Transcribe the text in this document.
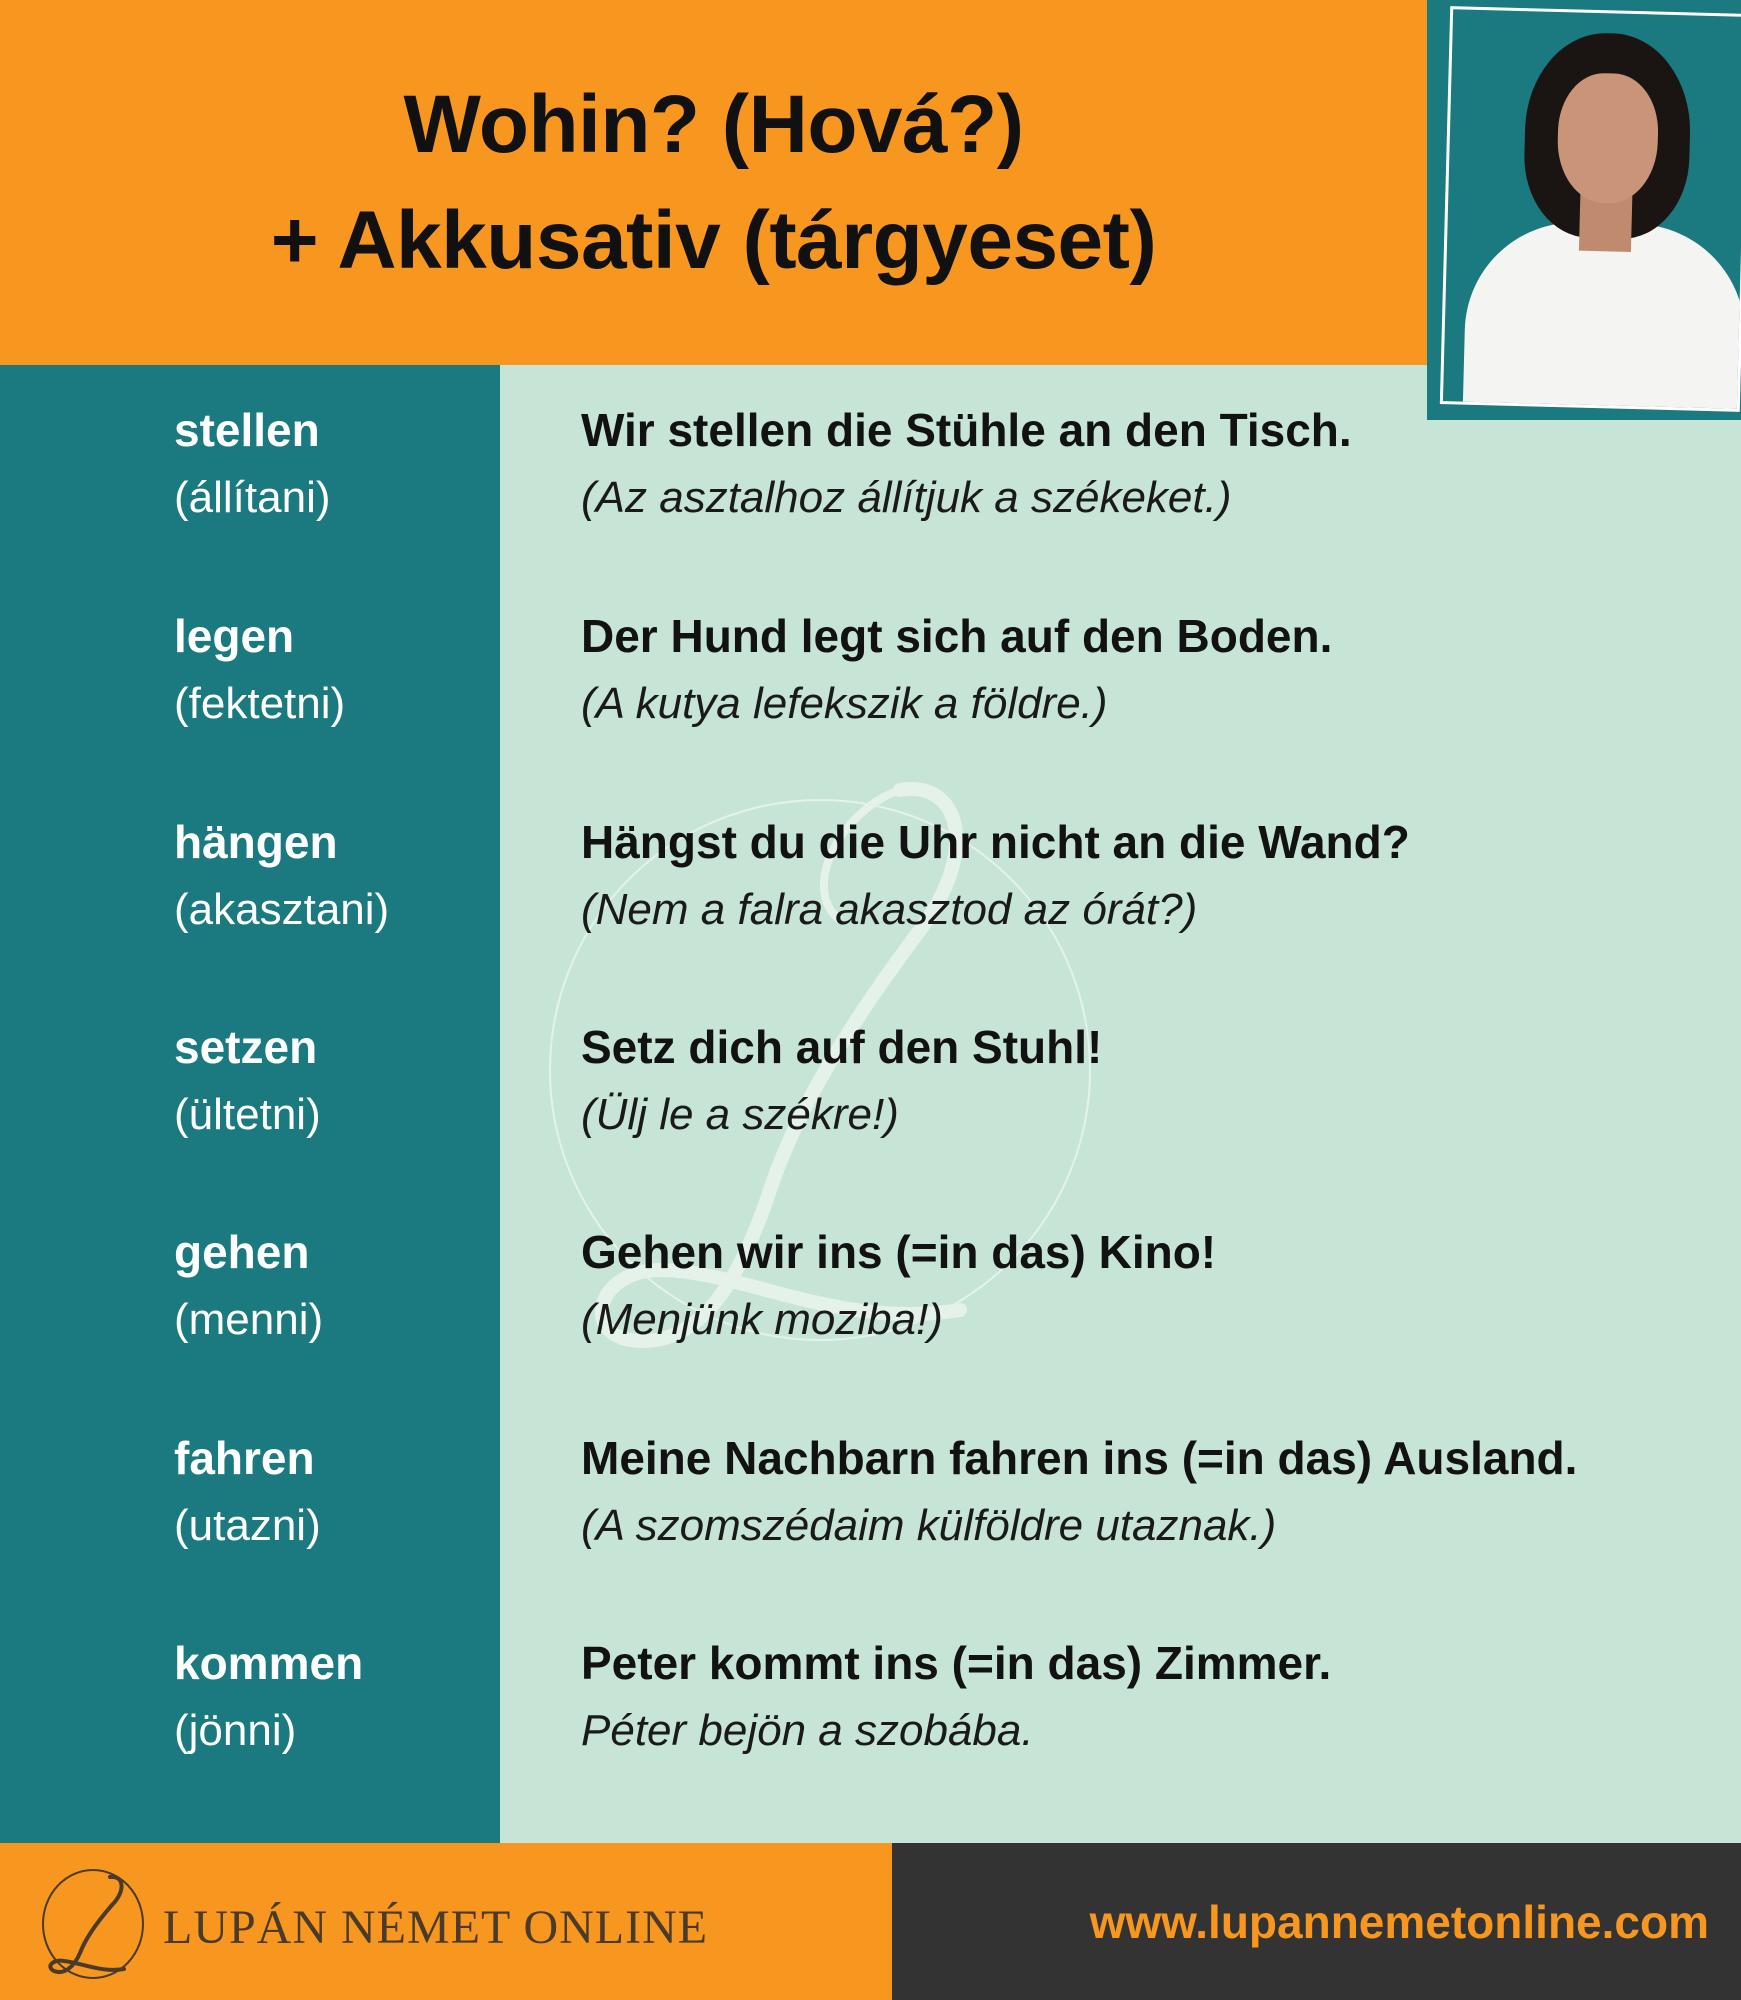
Wohin? (Hová?)
+ Akkusativ (tárgyeset)
stellen
(állítani)
Wir stellen die Stühle an den Tisch.
(Az asztalhoz állítjuk a székeket.)
legen
(fektetni)
Der Hund legt sich auf den Boden.
(A kutya lefekszik a földre.)
hängen
(akasztani)
Hängst du die Uhr nicht an die Wand?
(Nem a falra akasztod az órát?)
setzen
(ültetni)
Setz dich auf den Stuhl!
(Ülj le a székre!)
gehen
(menni)
Gehen wir ins (=in das) Kino!
(Menjünk moziba!)
fahren
(utazni)
Meine Nachbarn fahren ins (=in das) Ausland.
(A szomszédaim külföldre utaznak.)
kommen
(jönni)
Peter kommt ins (=in das) Zimmer.
Péter bejön a szobába.
LUPÁN NÉMET ONLINE	www.lupannemetonline.com
